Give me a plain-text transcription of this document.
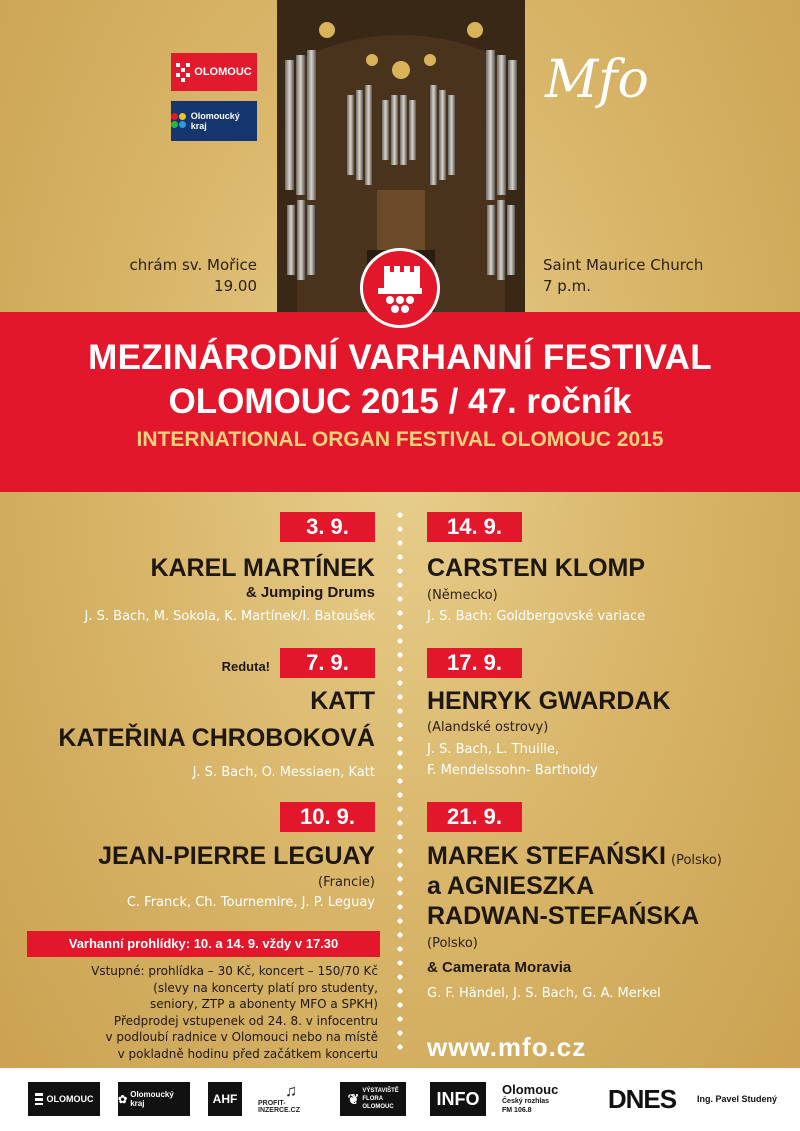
OLOMOUC
Olomoucký kraj
Mfo
chrám sv. Mořice
19.00
Saint Maurice Church
7 p.m.
MEZINÁRODNÍ VARHANNÍ FESTIVAL
OLOMOUC 2015 / 47. ročník
INTERNATIONAL ORGAN FESTIVAL OLOMOUC 2015
3. 9.
KAREL MARTÍNEK
& Jumping Drums
J. S. Bach, M. Sokola, K. Martínek/I. Batoušek
Reduta!	7. 9.
KATT
KATEŘINA CHROBOKOVÁ
J. S. Bach, O. Messiaen, Katt
10. 9.
JEAN-PIERRE LEGUAY
(Francie)
C. Franck, Ch. Tournemire, J. P. Leguay
Varhanní prohlídky: 10. a 14. 9. vždy v 17.30
Vstupné: prohlídka – 30 Kč, koncert – 150/70 Kč
(slevy na koncerty platí pro studenty,
seniory, ZTP a abonenty MFO a SPKH)
Předprodej vstupenek od 24. 8. v infocentru
v podloubí radnice v Olomouci nebo na místě
v pokladně hodinu před začátkem koncertu
14. 9.
CARSTEN KLOMP
(Německo)
J. S. Bach: Goldbergovské variace
17. 9.
HENRYK GWARDAK
(Alandské ostrovy)
J. S. Bach, L. Thuille,
F. Mendelssohn- Bartholdy
21. 9.
MAREK STEFAŃSKI (Polsko)
a AGNIESZKA
RADWAN-STEFAŃSKA
(Polsko)
& Camerata Moravia
G. F. Händel, J. S. Bach, G. A. Merkel
www.mfo.cz
OLOMOUC ✿ Olomoucký kraj	AHF	♫
PROFIT-INZERCE.CZ
❦ VÝSTAVIŠTĚ FLORA OLOMOUC	INFO	Olomouc
Český rozhlas
FM 106.8	DNES	Ing. Pavel Studený
